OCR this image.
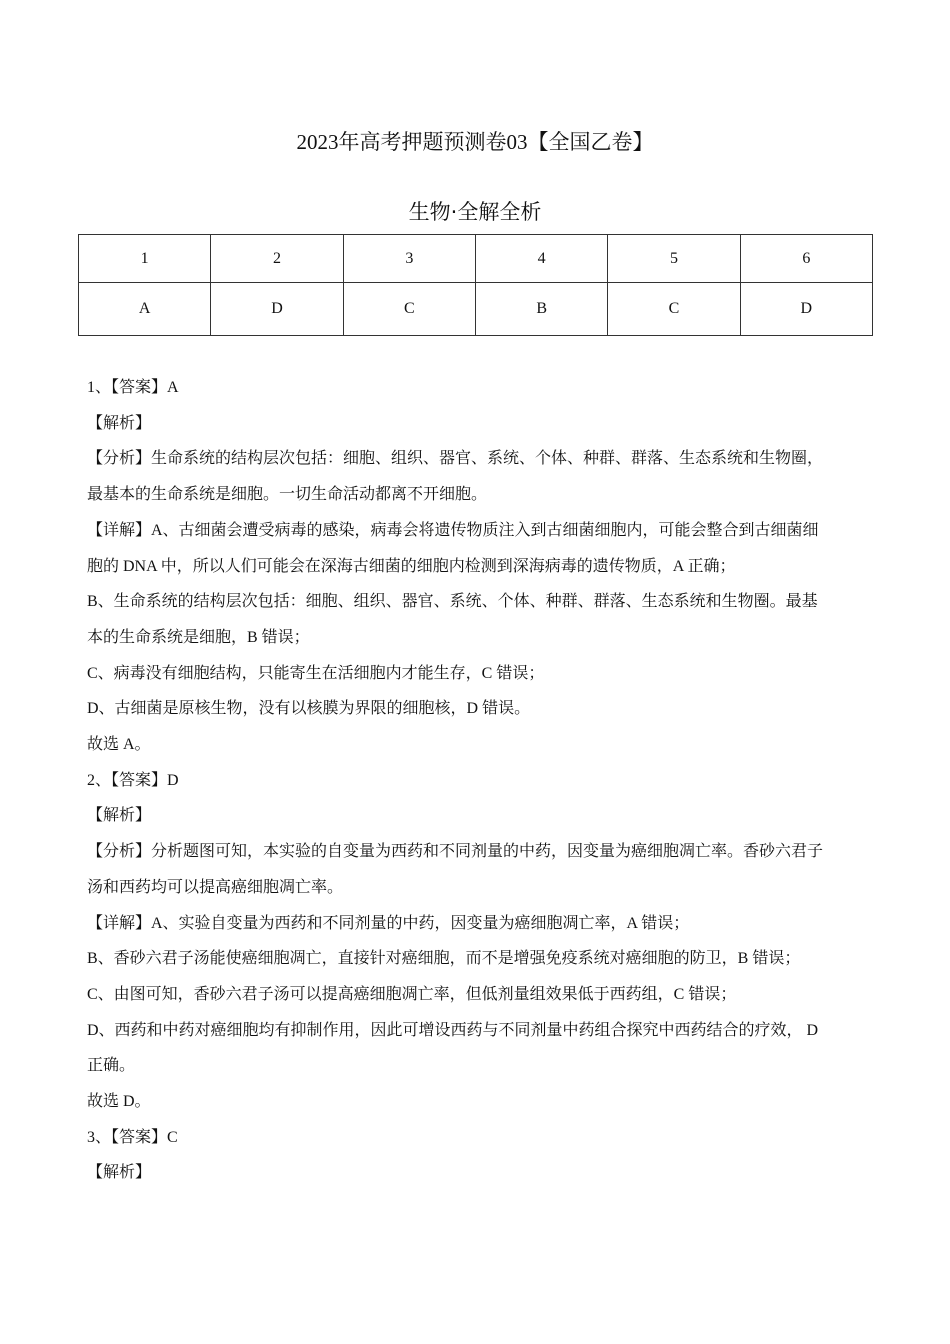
2023年高考押题预测卷03【全国乙卷】
生物·全解全析
1	2	3	4	5	6
A	D	C	B	C	D

1、【答案】A

【解析】

【分析】生命系统的结构层次包括：细胞、组织、器官、系统、个体、种群、群落、生态系统和生物圈，

最基本的生命系统是细胞。一切生命活动都离不开细胞。

【详解】A、古细菌会遭受病毒的感染，病毒会将遗传物质注入到古细菌细胞内，可能会整合到古细菌细

胞的 DNA 中，所以人们可能会在深海古细菌的细胞内检测到深海病毒的遗传物质，A 正确；

B、生命系统的结构层次包括：细胞、组织、器官、系统、个体、种群、群落、生态系统和生物圈。最基

本的生命系统是细胞，B 错误；

C、病毒没有细胞结构，只能寄生在活细胞内才能生存，C 错误；

D、古细菌是原核生物，没有以核膜为界限的细胞核，D 错误。

故选 A。

2、【答案】D

【解析】

【分析】分析题图可知，本实验的自变量为西药和不同剂量的中药，因变量为癌细胞凋亡率。香砂六君子

汤和西药均可以提高癌细胞凋亡率。

【详解】A、实验自变量为西药和不同剂量的中药，因变量为癌细胞凋亡率，A 错误；

B、香砂六君子汤能使癌细胞凋亡，直接针对癌细胞，而不是增强免疫系统对癌细胞的防卫，B 错误；

C、由图可知，香砂六君子汤可以提高癌细胞凋亡率，但低剂量组效果低于西药组，C 错误；

D、西药和中药对癌细胞均有抑制作用，因此可增设西药与不同剂量中药组合探究中西药结合的疗效， D

正确。

故选 D。

3、【答案】C

【解析】
